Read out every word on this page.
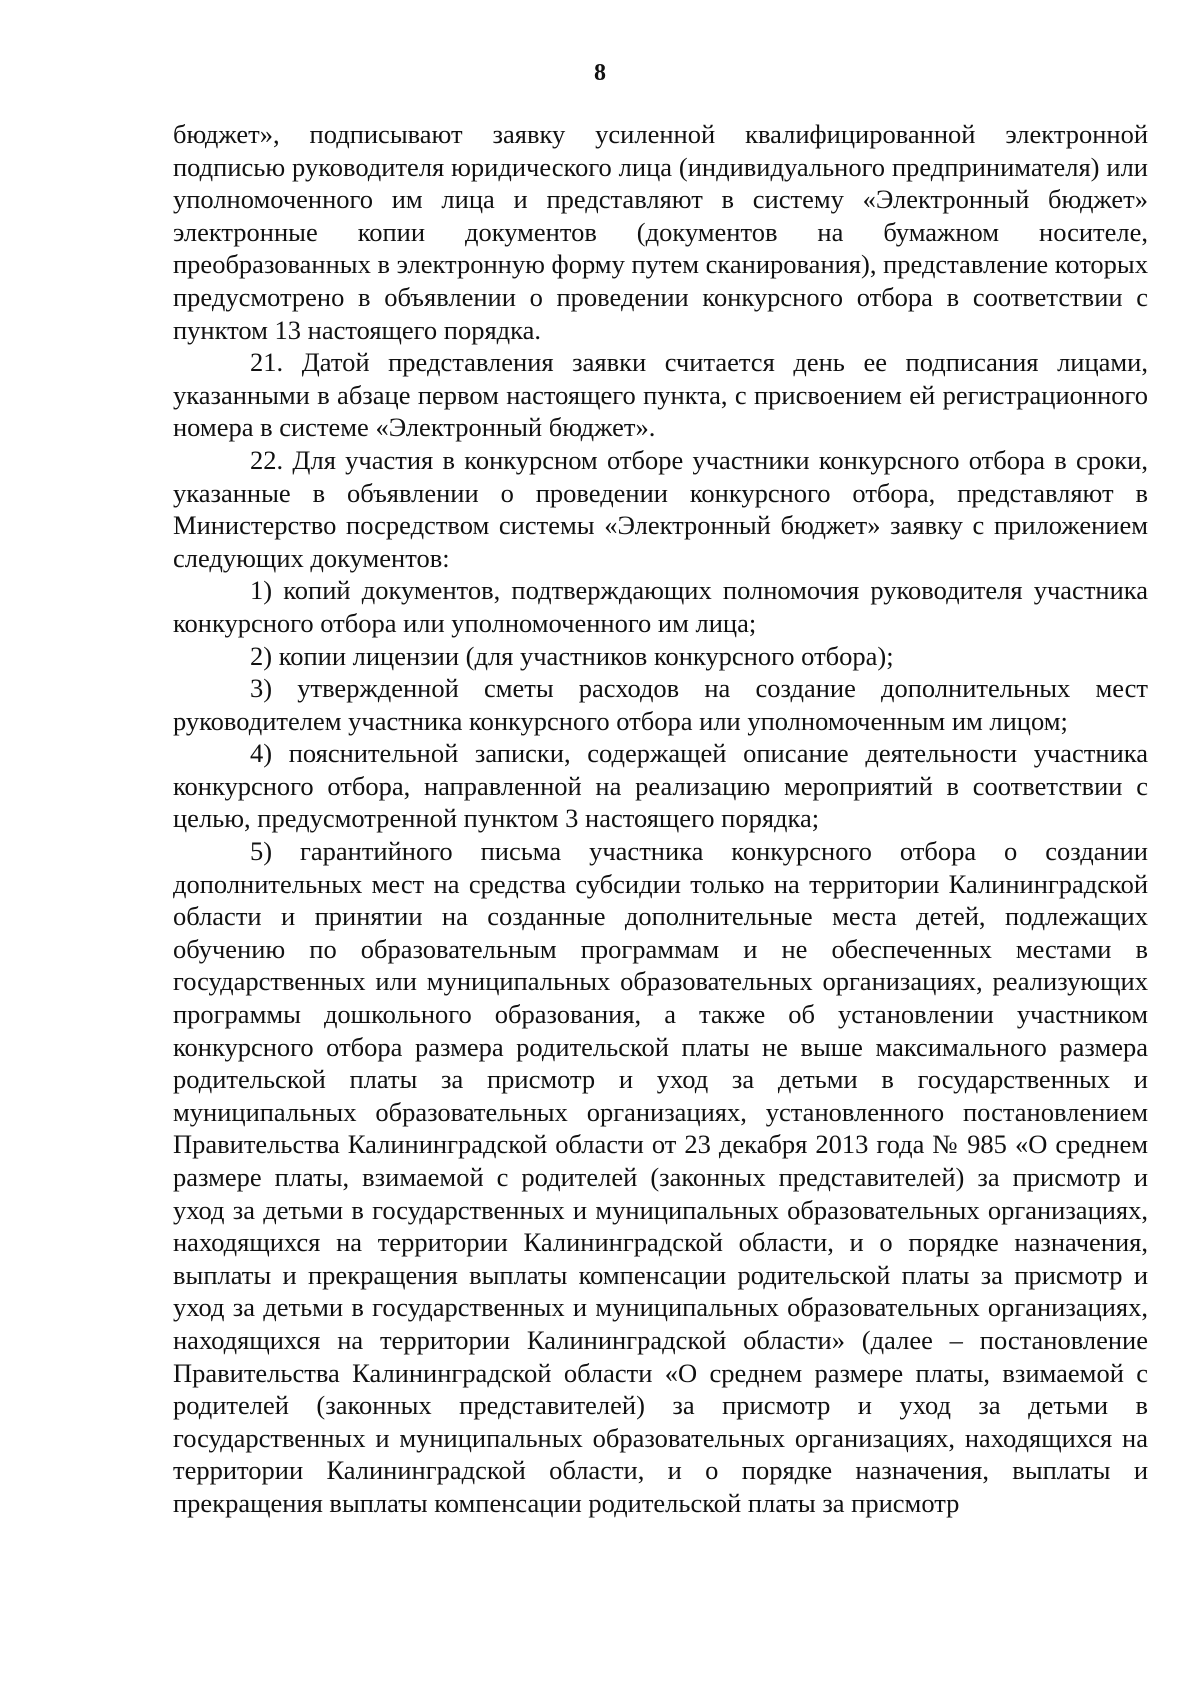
8

бюджет», подписывают заявку усиленной квалифицированной электронной подписью руководителя юридического лица (индивидуального предпринимателя) или уполномоченного им лица и представляют в систему «Электронный бюджет» электронные копии документов (документов на бумажном носителе, преобразованных в электронную форму путем сканирования), представление которых предусмотрено в объявлении о проведении конкурсного отбора в соответствии с пунктом 13 настоящего порядка.

21. Датой представления заявки считается день ее подписания лицами, указанными в абзаце первом настоящего пункта, с присвоением ей регистрационного номера в системе «Электронный бюджет».

22. Для участия в конкурсном отборе участники конкурсного отбора в сроки, указанные в объявлении о проведении конкурсного отбора, представляют в Министерство посредством системы «Электронный бюджет» заявку с приложением следующих документов:

1) копий документов, подтверждающих полномочия руководителя участника конкурсного отбора или уполномоченного им лица;

2) копии лицензии (для участников конкурсного отбора);

3) утвержденной сметы расходов на создание дополнительных мест руководителем участника конкурсного отбора или уполномоченным им лицом;

4) пояснительной записки, содержащей описание деятельности участника конкурсного отбора, направленной на реализацию мероприятий в соответствии с целью, предусмотренной пунктом 3 настоящего порядка;

5) гарантийного письма участника конкурсного отбора о создании дополнительных мест на средства субсидии только на территории Калининградской области и принятии на созданные дополнительные места детей, подлежащих обучению по образовательным программам и не обеспеченных местами в государственных или муниципальных образовательных организациях, реализующих программы дошкольного образования, а также об установлении участником конкурсного отбора размера родительской платы не выше максимального размера родительской платы за присмотр и уход за детьми в государственных и муниципальных образовательных организациях, установленного постановлением Правительства Калининградской области от 23 декабря 2013 года № 985 «О среднем размере платы, взимаемой с родителей (законных представителей) за присмотр и уход за детьми в государственных и муниципальных образовательных организациях, находящихся на территории Калининградской области, и о порядке назначения, выплаты и прекращения выплаты компенсации родительской платы за присмотр и уход за детьми в государственных и муниципальных образовательных организациях, находящихся на территории Калининградской области» (далее – постановление Правительства Калининградской области «О среднем размере платы, взимаемой с родителей (законных представителей) за присмотр и уход за детьми в государственных и муниципальных образовательных организациях, находящихся на территории Калининградской области, и о порядке назначения, выплаты и прекращения выплаты компенсации родительской платы за присмотр
